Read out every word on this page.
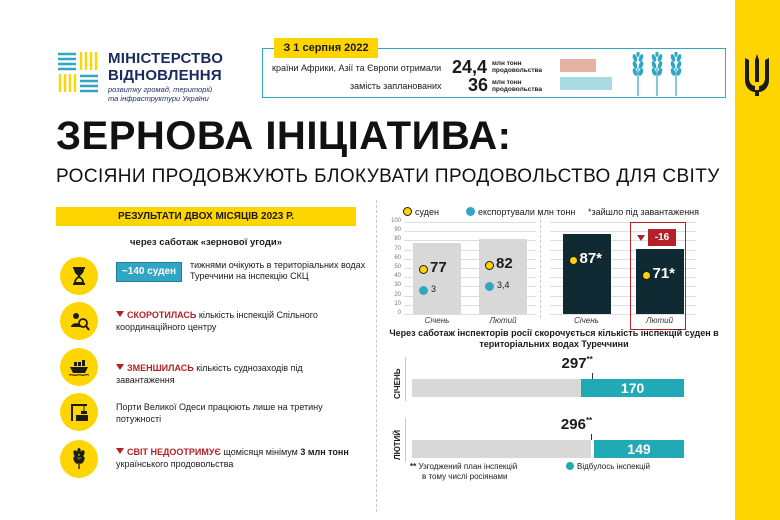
МІНІСТЕРСТВО
ВІДНОВЛЕННЯ
розвитку громад, територій
та інфраструктури України
З 1 серпня 2022
країни Африки, Азії та Європи отримали 24,4 млн тонн
продовольства
замість запланованих 36 млн тонн
продовольства
ЗЕРНОВА ІНІЦІАТИВА:
РОСІЯНИ ПРОДОВЖУЮТЬ БЛОКУВАТИ ПРОДОВОЛЬСТВО ДЛЯ СВІТУ
РЕЗУЛЬТАТИ ДВОХ МІСЯЦІВ 2023 Р.
через саботаж «зернової угоди»
~140 суден
тижнями очікують в територіальних водах Туреччини на інспекцію СКЦ
СКОРОТИЛАСЬ кількість інспекцій Спільного координаційного центру
ЗМЕНШИЛАСЬ кількість суднозаходів під завантаження
Порти Великої Одеси працюють лише на третину потужності
СВІТ НЕДООТРИМУЄ щомісяця мінімум 3 млн тонн українського продовольства
суден	експортували млн тонн *зайшло під завантаження
0
10
20
30
40
50
60
70
80
90
100
77
3
Січень
82
3,4
Лютий
87*
Січень
71*
Лютий
-16
Через саботаж інспекторів росії скорочується кількість інспекцій суден в територіальних водах Туреччини
** Узгоджений план інспекцій
в тому числі росіянами
Відбулось інспекцій
СІЧЕНЬ	170
297**
ЛЮТИЙ	149
296**
